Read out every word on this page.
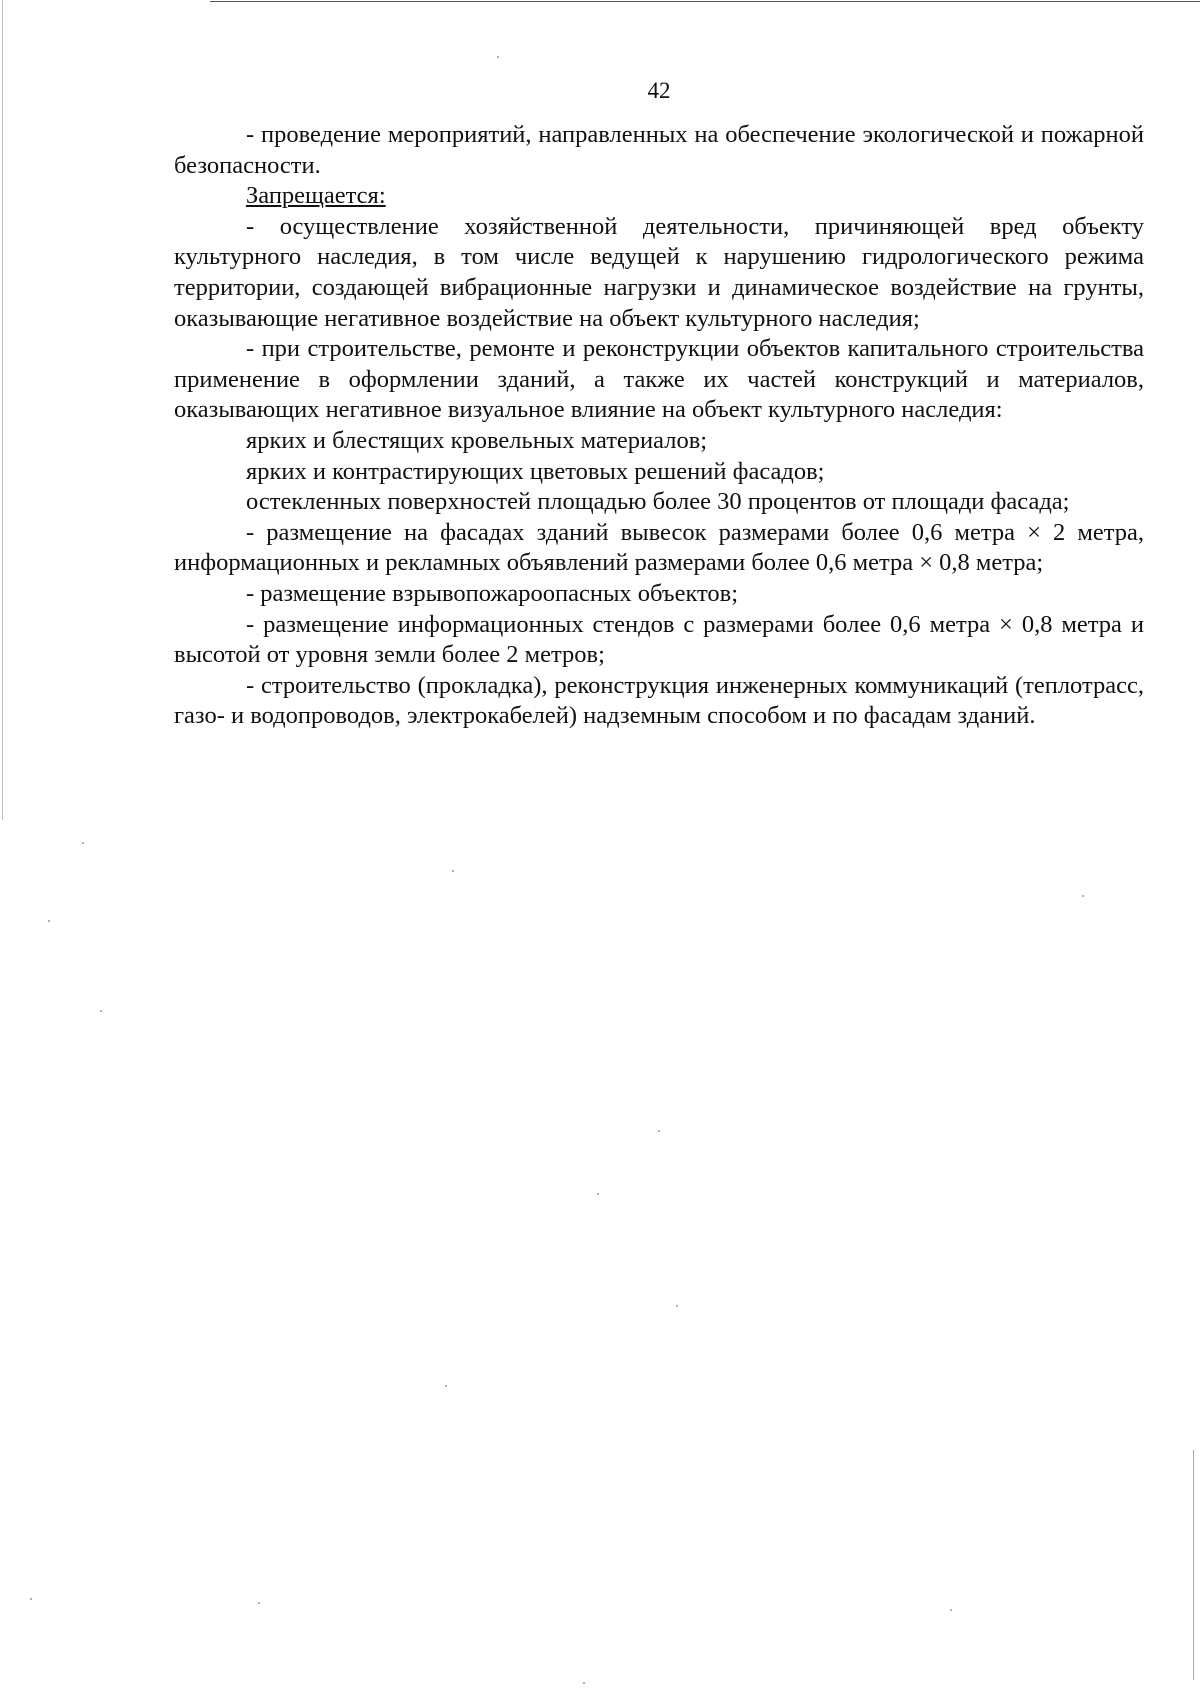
42

- проведение мероприятий, направленных на обеспечение экологической и пожарной безопасности.

Запрещается:

- осуществление хозяйственной деятельности, причиняющей вред объекту культурного наследия, в том числе ведущей к нарушению гидрологического режима территории, создающей вибрационные нагрузки и динамическое воздействие на грунты, оказывающие негативное воздействие на объект культурного наследия;

- при строительстве, ремонте и реконструкции объектов капитального строительства применение в оформлении зданий, а также их частей конструкций и материалов, оказывающих негативное визуальное влияние на объект культурного наследия:

ярких и блестящих кровельных материалов;

ярких и контрастирующих цветовых решений фасадов;

остекленных поверхностей площадью более 30 процентов от площади фасада;

- размещение на фасадах зданий вывесок размерами более 0,6 метра × 2 метра, информационных и рекламных объявлений размерами более 0,6 метра × 0,8 метра;

- размещение взрывопожароопасных объектов;

- размещение информационных стендов с размерами более 0,6 метра × 0,8 метра и высотой от уровня земли более 2 метров;

- строительство (прокладка), реконструкция инженерных коммуникаций (теплотрасс, газо- и водопроводов, электрокабелей) надземным способом и по фасадам зданий.
